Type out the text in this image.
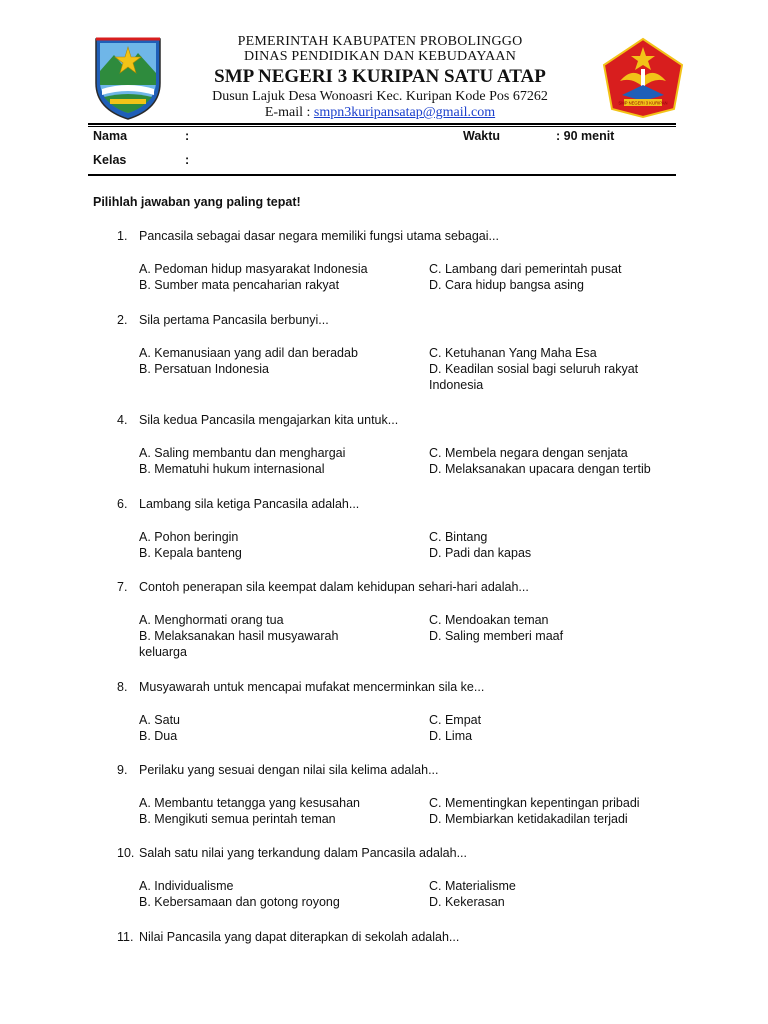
PEMERINTAH KABUPATEN PROBOLINGGO
DINAS PENDIDIKAN DAN KEBUDAYAAN
SMP NEGERI 3 KURIPAN SATU ATAP
Dusun Lajuk Desa Wonoasri Kec. Kuripan Kode Pos 67262
E-mail : smpn3kuripansatap@gmail.com
SMP NEGERI 3 KURIPAN
Nama	:	Waktu	: 90 menit
Kelas	:
Pilihlah jawaban yang paling tepat!
1. Pancasila sebagai dasar negara memiliki fungsi utama sebagai...
A. Pedoman hidup masyarakat Indonesia
B. Sumber mata pencaharian rakyat
C. Lambang dari pemerintah pusat
D. Cara hidup bangsa asing
2. Sila pertama Pancasila berbunyi...
A. Kemanusiaan yang adil dan beradab
B. Persatuan Indonesia
C. Ketuhanan Yang Maha Esa
D. Keadilan sosial bagi seluruh rakyat Indonesia
4. Sila kedua Pancasila mengajarkan kita untuk...
A. Saling membantu dan menghargai
B. Mematuhi hukum internasional
C. Membela negara dengan senjata
D. Melaksanakan upacara dengan tertib
6. Lambang sila ketiga Pancasila adalah...
A. Pohon beringin
B. Kepala banteng
C. Bintang
D. Padi dan kapas
7. Contoh penerapan sila keempat dalam kehidupan sehari-hari adalah...
A. Menghormati orang tua
B. Melaksanakan hasil musyawarah keluarga
C. Mendoakan teman
D. Saling memberi maaf
8. Musyawarah untuk mencapai mufakat mencerminkan sila ke...
A. Satu
B. Dua
C. Empat
D. Lima
9. Perilaku yang sesuai dengan nilai sila kelima adalah...
A. Membantu tetangga yang kesusahan
B. Mengikuti semua perintah teman
C. Mementingkan kepentingan pribadi
D. Membiarkan ketidakadilan terjadi
10. Salah satu nilai yang terkandung dalam Pancasila adalah...
A. Individualisme
B. Kebersamaan dan gotong royong
C. Materialisme
D. Kekerasan
11. Nilai Pancasila yang dapat diterapkan di sekolah adalah...
